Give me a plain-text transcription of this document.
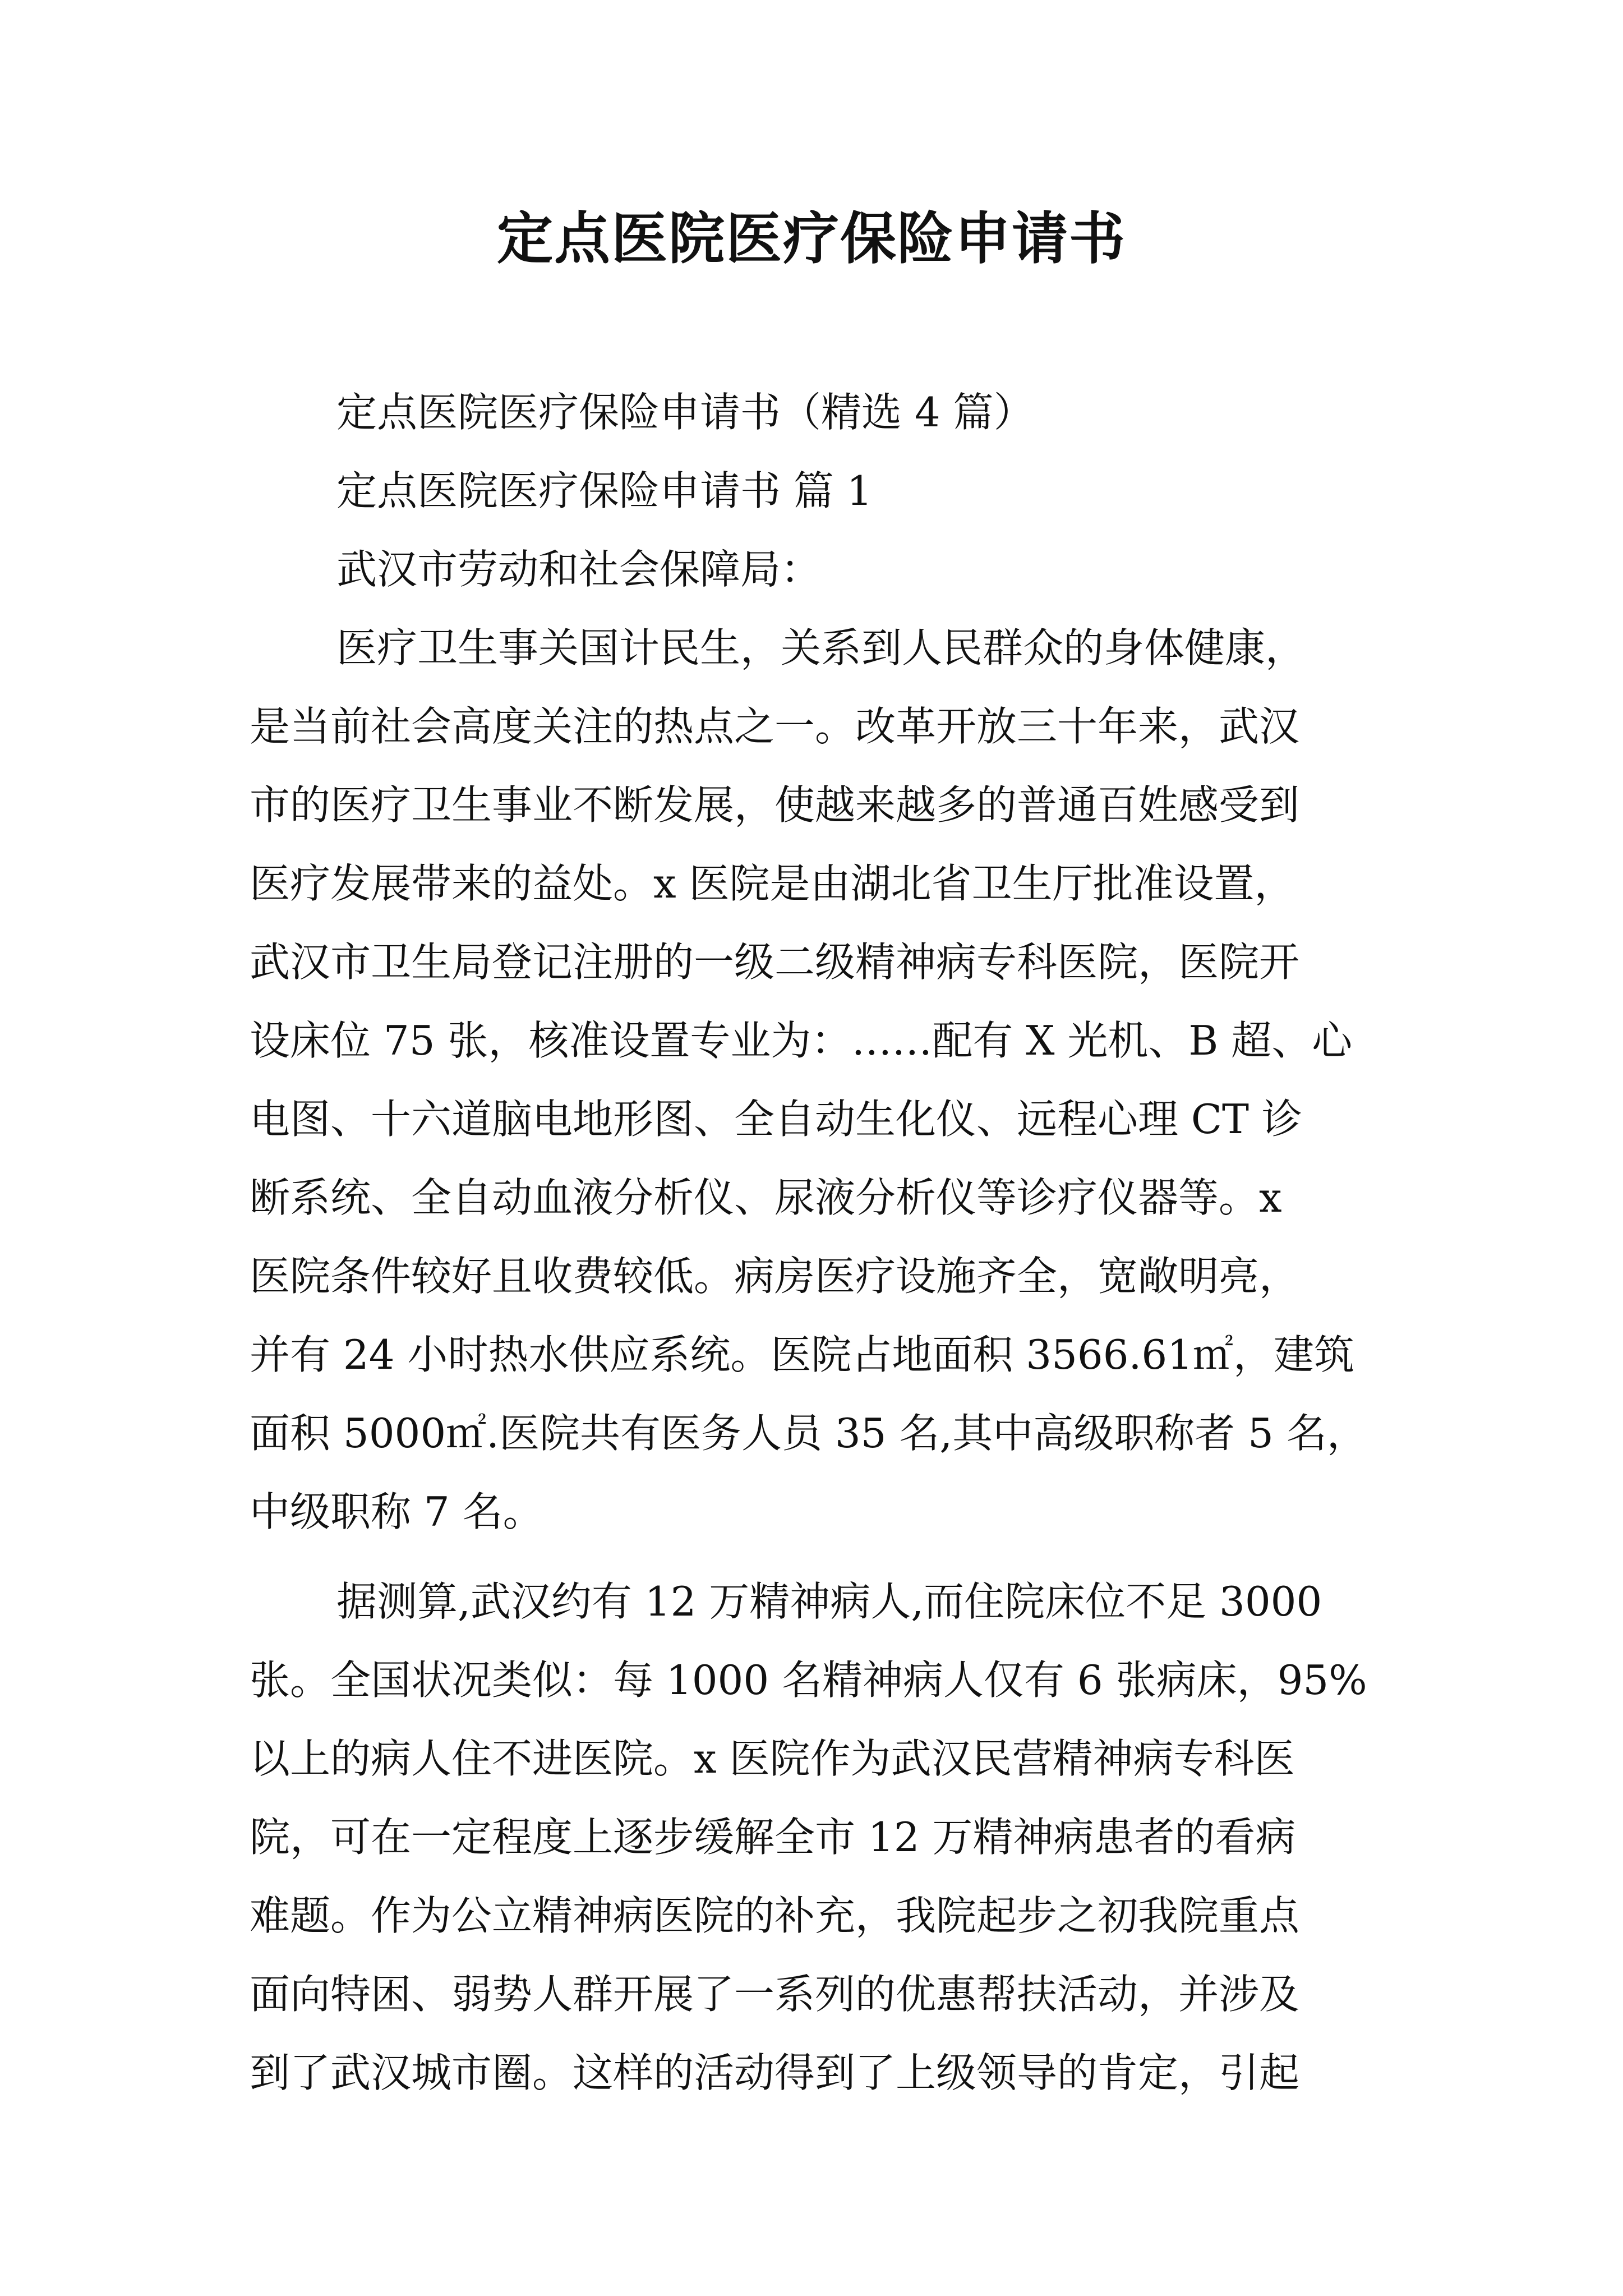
定点医院医疗保险申请书
定点医院医疗保险申请书（精选 4 篇）
定点医院医疗保险申请书 篇 1
武汉市劳动和社会保障局：
医疗卫生事关国计民生，关系到人民群众的身体健康，
是当前社会高度关注的热点之一。改革开放三十年来，武汉
市的医疗卫生事业不断发展，使越来越多的普通百姓感受到
医疗发展带来的益处。x 医院是由湖北省卫生厅批准设置，
武汉市卫生局登记注册的一级二级精神病专科医院，医院开
设床位 75 张，核准设置专业为：……配有 X 光机、B 超、心
电图、十六道脑电地形图、全自动生化仪、远程心理 CT 诊
断系统、全自动血液分析仪、尿液分析仪等诊疗仪器等。x
医院条件较好且收费较低。病房医疗设施齐全，宽敞明亮，
并有 24 小时热水供应系统。医院占地面积 3566.61㎡，建筑
面积 5000㎡.医院共有医务人员 35 名,其中高级职称者 5 名，
中级职称 7 名。
据测算,武汉约有 12 万精神病人,而住院床位不足 3000
张。全国状况类似：每 1000 名精神病人仅有 6 张病床，95%
以上的病人住不进医院。x 医院作为武汉民营精神病专科医
院，可在一定程度上逐步缓解全市 12 万精神病患者的看病
难题。作为公立精神病医院的补充，我院起步之初我院重点
面向特困、弱势人群开展了一系列的优惠帮扶活动，并涉及
到了武汉城市圈。这样的活动得到了上级领导的肯定，引起
